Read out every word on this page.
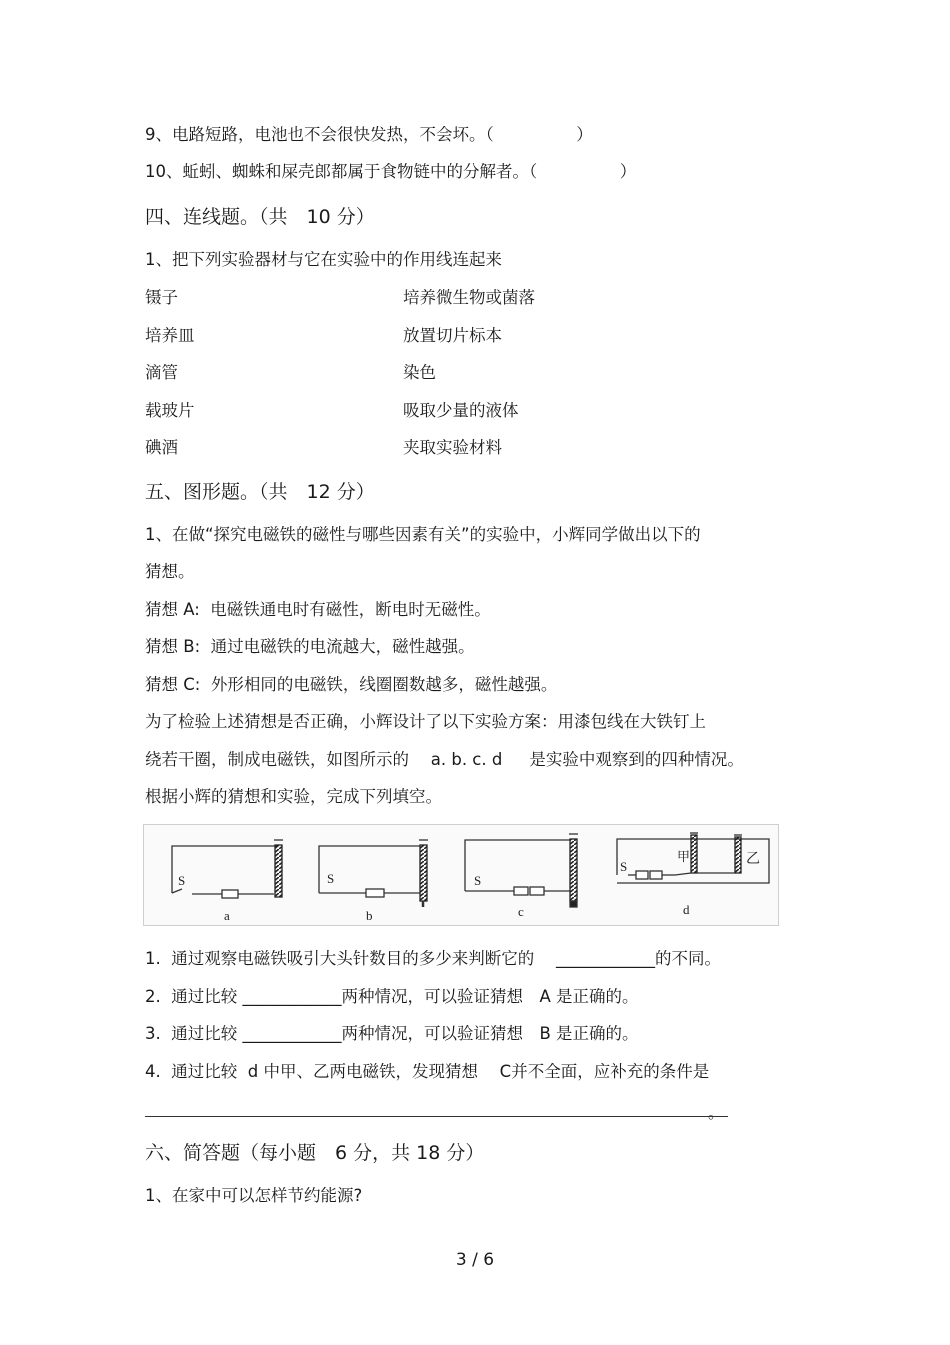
9、电路短路，电池也不会很快发热，不会坏。（　　　　　）
10、蚯蚓、蜘蛛和屎壳郎都属于食物链中的分解者。（　　　　　）
四、连线题。（共　10 分）
1、把下列实验器材与它在实验中的作用线连起来
镊子	培养微生物或菌落
培养皿	放置切片标本
滴管	染色
载玻片	吸取少量的液体
碘酒	夹取实验材料
五、图形题。（共　12 分）
1、在做“探究电磁铁的磁性与哪些因素有关”的实验中，小辉同学做出以下的
猜想。
猜想 A:  电磁铁通电时有磁性，断电时无磁性。
猜想 B:  通过电磁铁的电流越大，磁性越强。
猜想 C:  外形相同的电磁铁，线圈圈数越多，磁性越强。
为了检验上述猜想是否正确，小辉设计了以下实验方案：用漆包线在大铁钉上
绕若干圈，制成电磁铁，如图所示的　 a. b. c. d　  是实验中观察到的四种情况。
根据小辉的猜想和实验，完成下列填空。
S
a
S
b
S
c
S
甲	乙
d
1.  通过观察电磁铁吸引大头针数目的多少来判断它的　 ____________的不同。
2.  通过比较 ____________两种情况，可以验证猜想　A 是正确的。
3.  通过比较 ____________两种情况，可以验证猜想　B 是正确的。
4.  通过比较  d 中甲、乙两电磁铁，发现猜想　 C并不全面，应补充的条件是
。
六、简答题（每小题　6 分，共 18 分）
1、在家中可以怎样节约能源?
3 / 6
